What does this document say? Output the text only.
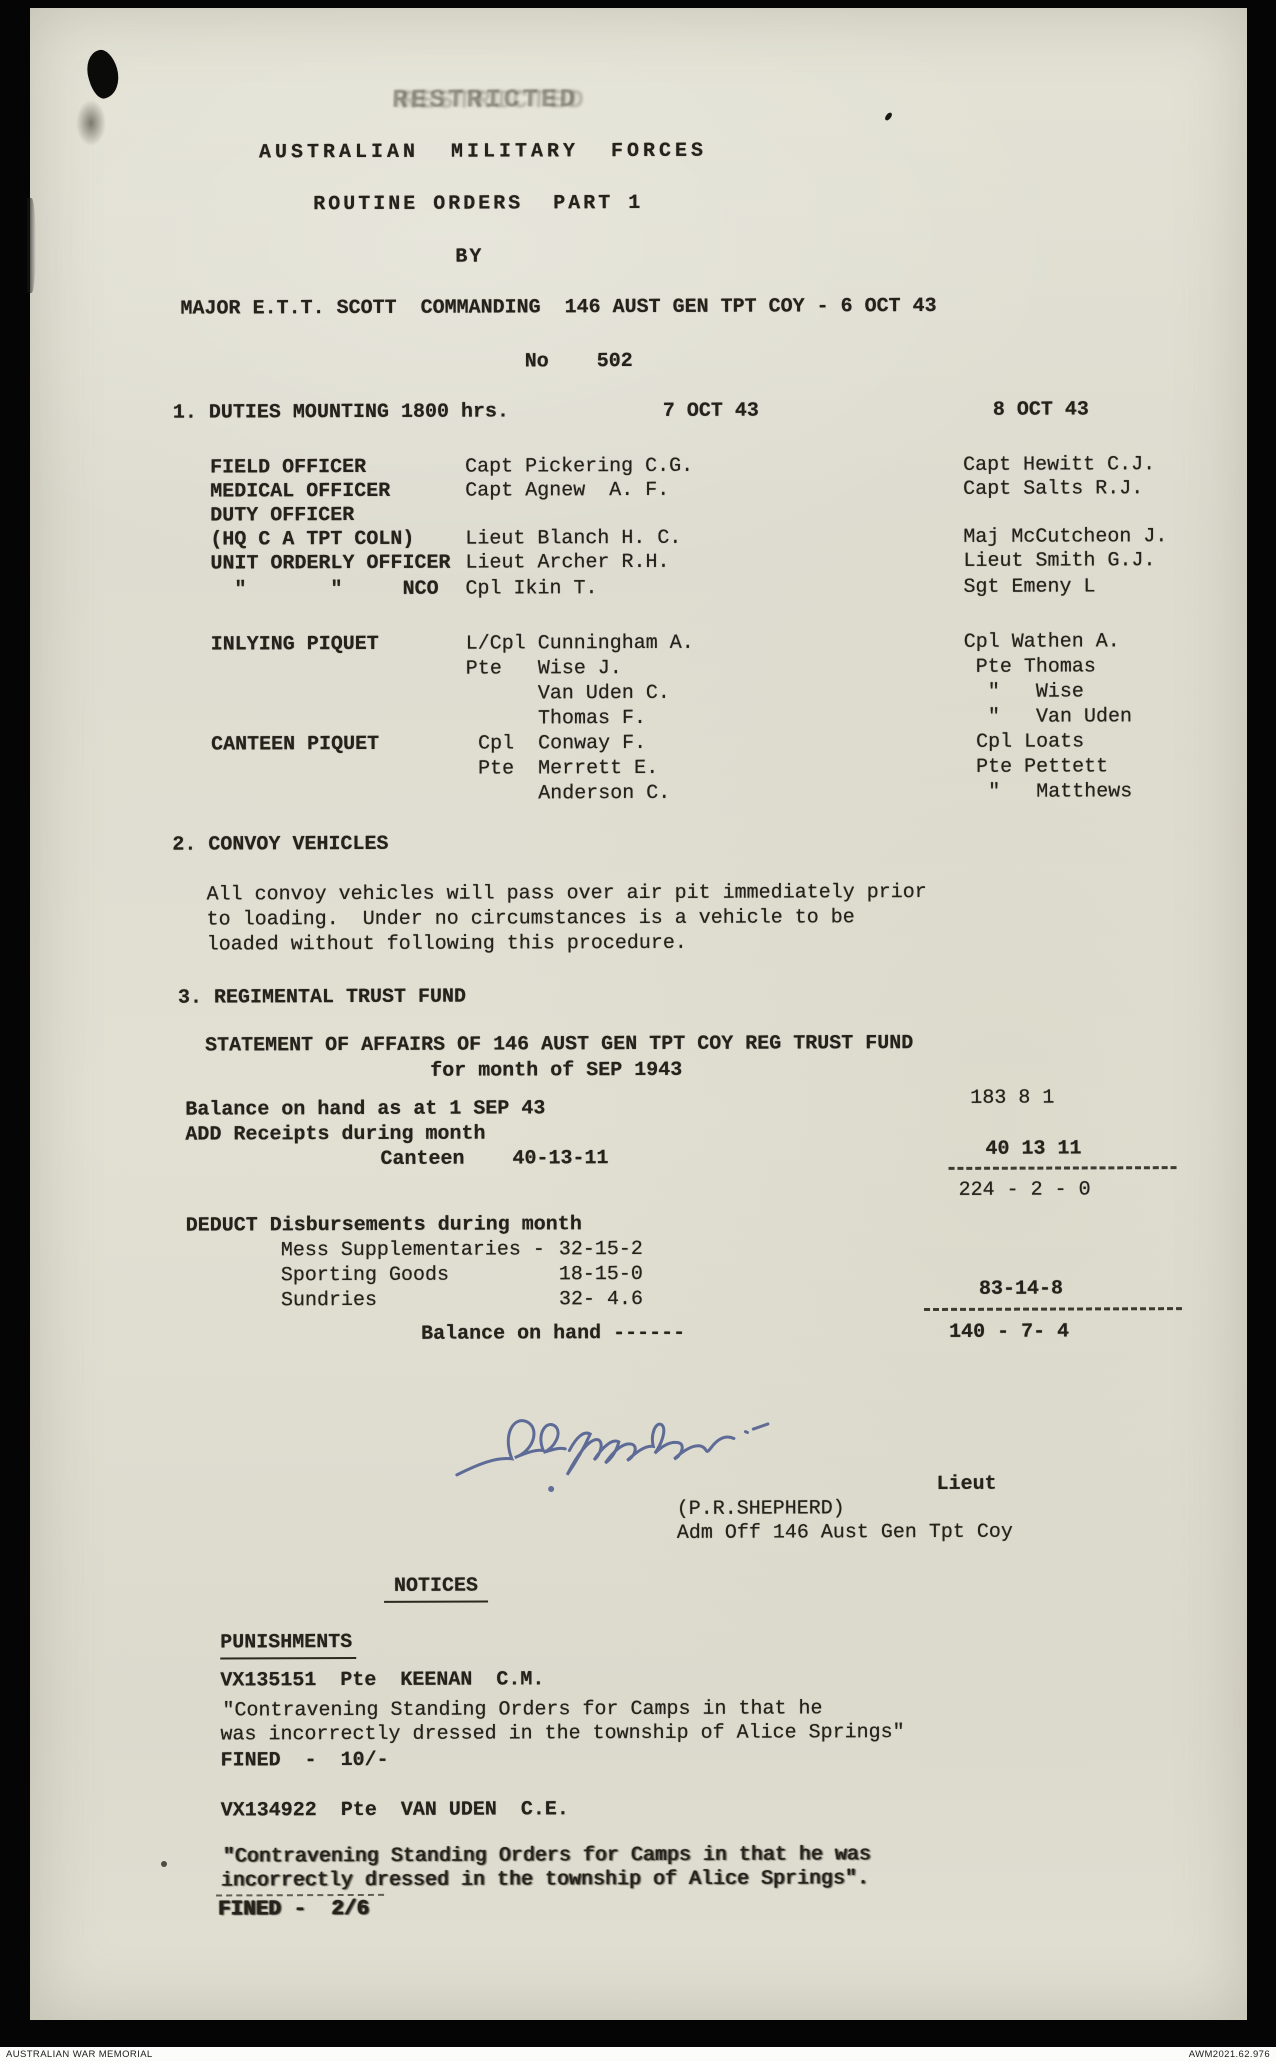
RESTRICTED
AUSTRALIAN  MILITARY  FORCES
ROUTINE ORDERS  PART 1
BY
MAJOR E.T.T. SCOTT  COMMANDING  146 AUST GEN TPT COY - 6 OCT 43
No    502
1. DUTIES MOUNTING 1800 hrs.	7 OCT 43	8 OCT 43
FIELD OFFICER	Capt Pickering C.G.	Capt Hewitt C.J.
MEDICAL OFFICER	Capt Agnew  A. F.	Capt Salts R.J.
DUTY OFFICER
(HQ C A TPT COLN)	Lieut Blanch H. C.	Maj McCutcheon J.
UNIT ORDERLY OFFICER Lieut Archer R.H.	Lieut Smith G.J.
"       "     NCO Cpl Ikin T.	Sgt Emeny L
INLYING PIQUET	L/Cpl Cunningham A.	Cpl Wathen A.
Pte   Wise J.	Pte Thomas
Van Uden C.	"   Wise
Thomas F.	"   Van Uden
CANTEEN PIQUET	Cpl  Conway F.	Cpl Loats
Pte  Merrett E.	Pte Pettett
Anderson C.	"   Matthews
2. CONVOY VEHICLES
All convoy vehicles will pass over air pit immediately prior
to loading.  Under no circumstances is a vehicle to be
loaded without following this procedure.
3. REGIMENTAL TRUST FUND
STATEMENT OF AFFAIRS OF 146 AUST GEN TPT COY REG TRUST FUND
for month of SEP 1943
Balance on hand as at 1 SEP 43	183 8 1
ADD Receipts during month
Canteen    40-13-11	40 13 11
224 - 2 - 0
DEDUCT Disbursements during month
Mess Supplementaries - 32-15-2
Sporting Goods	18-15-0
Sundries	32- 4.6	83-14-8
Balance on hand ------	140 - 7- 4
Lieut
(P.R.SHEPHERD)
Adm Off 146 Aust Gen Tpt Coy
NOTICES
PUNISHMENTS
VX135151  Pte  KEENAN  C.M.
"Contravening Standing Orders for Camps in that he
was incorrectly dressed in the township of Alice Springs"
FINED  -  10/-
VX134922  Pte  VAN UDEN  C.E.
"Contravening Standing Orders for Camps in that he was
incorrectly dressed in the township of Alice Springs".
FINED -  2/6
AUSTRALIAN WAR MEMORIAL	AWM2021.62.976
